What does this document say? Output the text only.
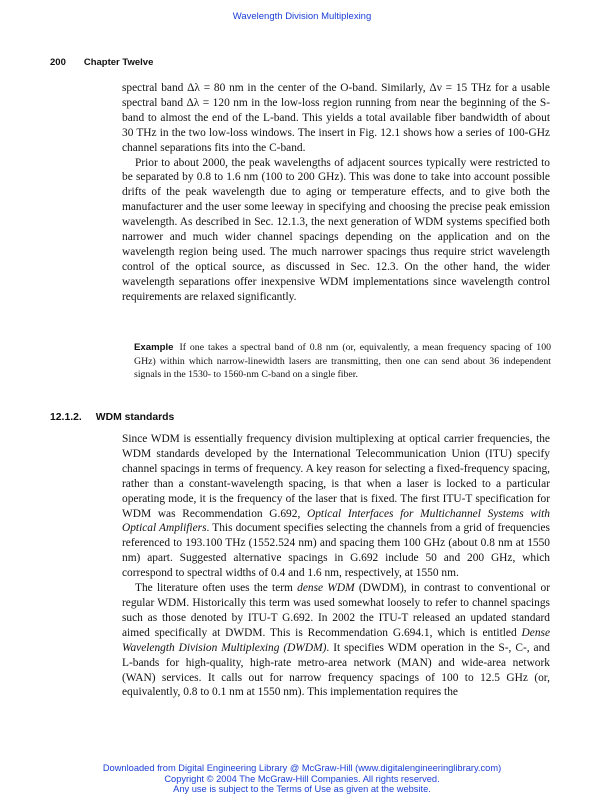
Wavelength Division Multiplexing
200 Chapter Twelve

spectral band Δλ = 80 nm in the center of the O-band. Similarly, Δν = 15 THz for a usable spectral band Δλ = 120 nm in the low-loss region running from near the beginning of the S-band to almost the end of the L-band. This yields a total available fiber bandwidth of about 30 THz in the two low-loss windows. The insert in Fig. 12.1 shows how a series of 100-GHz channel separations fits into the C-band.

Prior to about 2000, the peak wavelengths of adjacent sources typically were restricted to be separated by 0.8 to 1.6 nm (100 to 200 GHz). This was done to take into account possible drifts of the peak wavelength due to aging or temperature effects, and to give both the manufacturer and the user some leeway in specifying and choosing the precise peak emission wavelength. As described in Sec. 12.1.3, the next generation of WDM systems specified both narrower and much wider channel spacings depending on the application and on the wavelength region being used. The much narrower spacings thus require strict wavelength control of the optical source, as discussed in Sec. 12.3. On the other hand, the wider wavelength separations offer inexpensive WDM implementations since wavelength control requirements are relaxed significantly.

Example If one takes a spectral band of 0.8 nm (or, equivalently, a mean frequency spacing of 100 GHz) within which narrow-linewidth lasers are transmitting, then one can send about 36 independent signals in the 1530- to 1560-nm C-band on a single fiber.
12.1.2. WDM standards

Since WDM is essentially frequency division multiplexing at optical carrier frequencies, the WDM standards developed by the International Telecommunication Union (ITU) specify channel spacings in terms of frequency. A key reason for selecting a fixed-frequency spacing, rather than a constant-wavelength spacing, is that when a laser is locked to a particular operating mode, it is the frequency of the laser that is fixed. The first ITU-T specification for WDM was Recommendation G.692, Optical Interfaces for Multichannel Systems with Optical Amplifiers. This document specifies selecting the channels from a grid of frequencies referenced to 193.100 THz (1552.524 nm) and spacing them 100 GHz (about 0.8 nm at 1550 nm) apart. Suggested alternative spacings in G.692 include 50 and 200 GHz, which correspond to spectral widths of 0.4 and 1.6 nm, respectively, at 1550 nm.

The literature often uses the term dense WDM (DWDM), in contrast to conventional or regular WDM. Historically this term was used somewhat loosely to refer to channel spacings such as those denoted by ITU-T G.692. In 2002 the ITU-T released an updated standard aimed specifically at DWDM. This is Recommendation G.694.1, which is entitled Dense Wavelength Division Multiplexing (DWDM). It specifies WDM operation in the S-, C-, and L-bands for high-quality, high-rate metro-area network (MAN) and wide-area network (WAN) services. It calls out for narrow frequency spacings of 100 to 12.5 GHz (or, equivalently, 0.8 to 0.1 nm at 1550 nm). This implementation requires the

Downloaded from Digital Engineering Library @ McGraw-Hill (www.digitalengineeringlibrary.com)
Copyright © 2004 The McGraw-Hill Companies. All rights reserved.
Any use is subject to the Terms of Use as given at the website.
